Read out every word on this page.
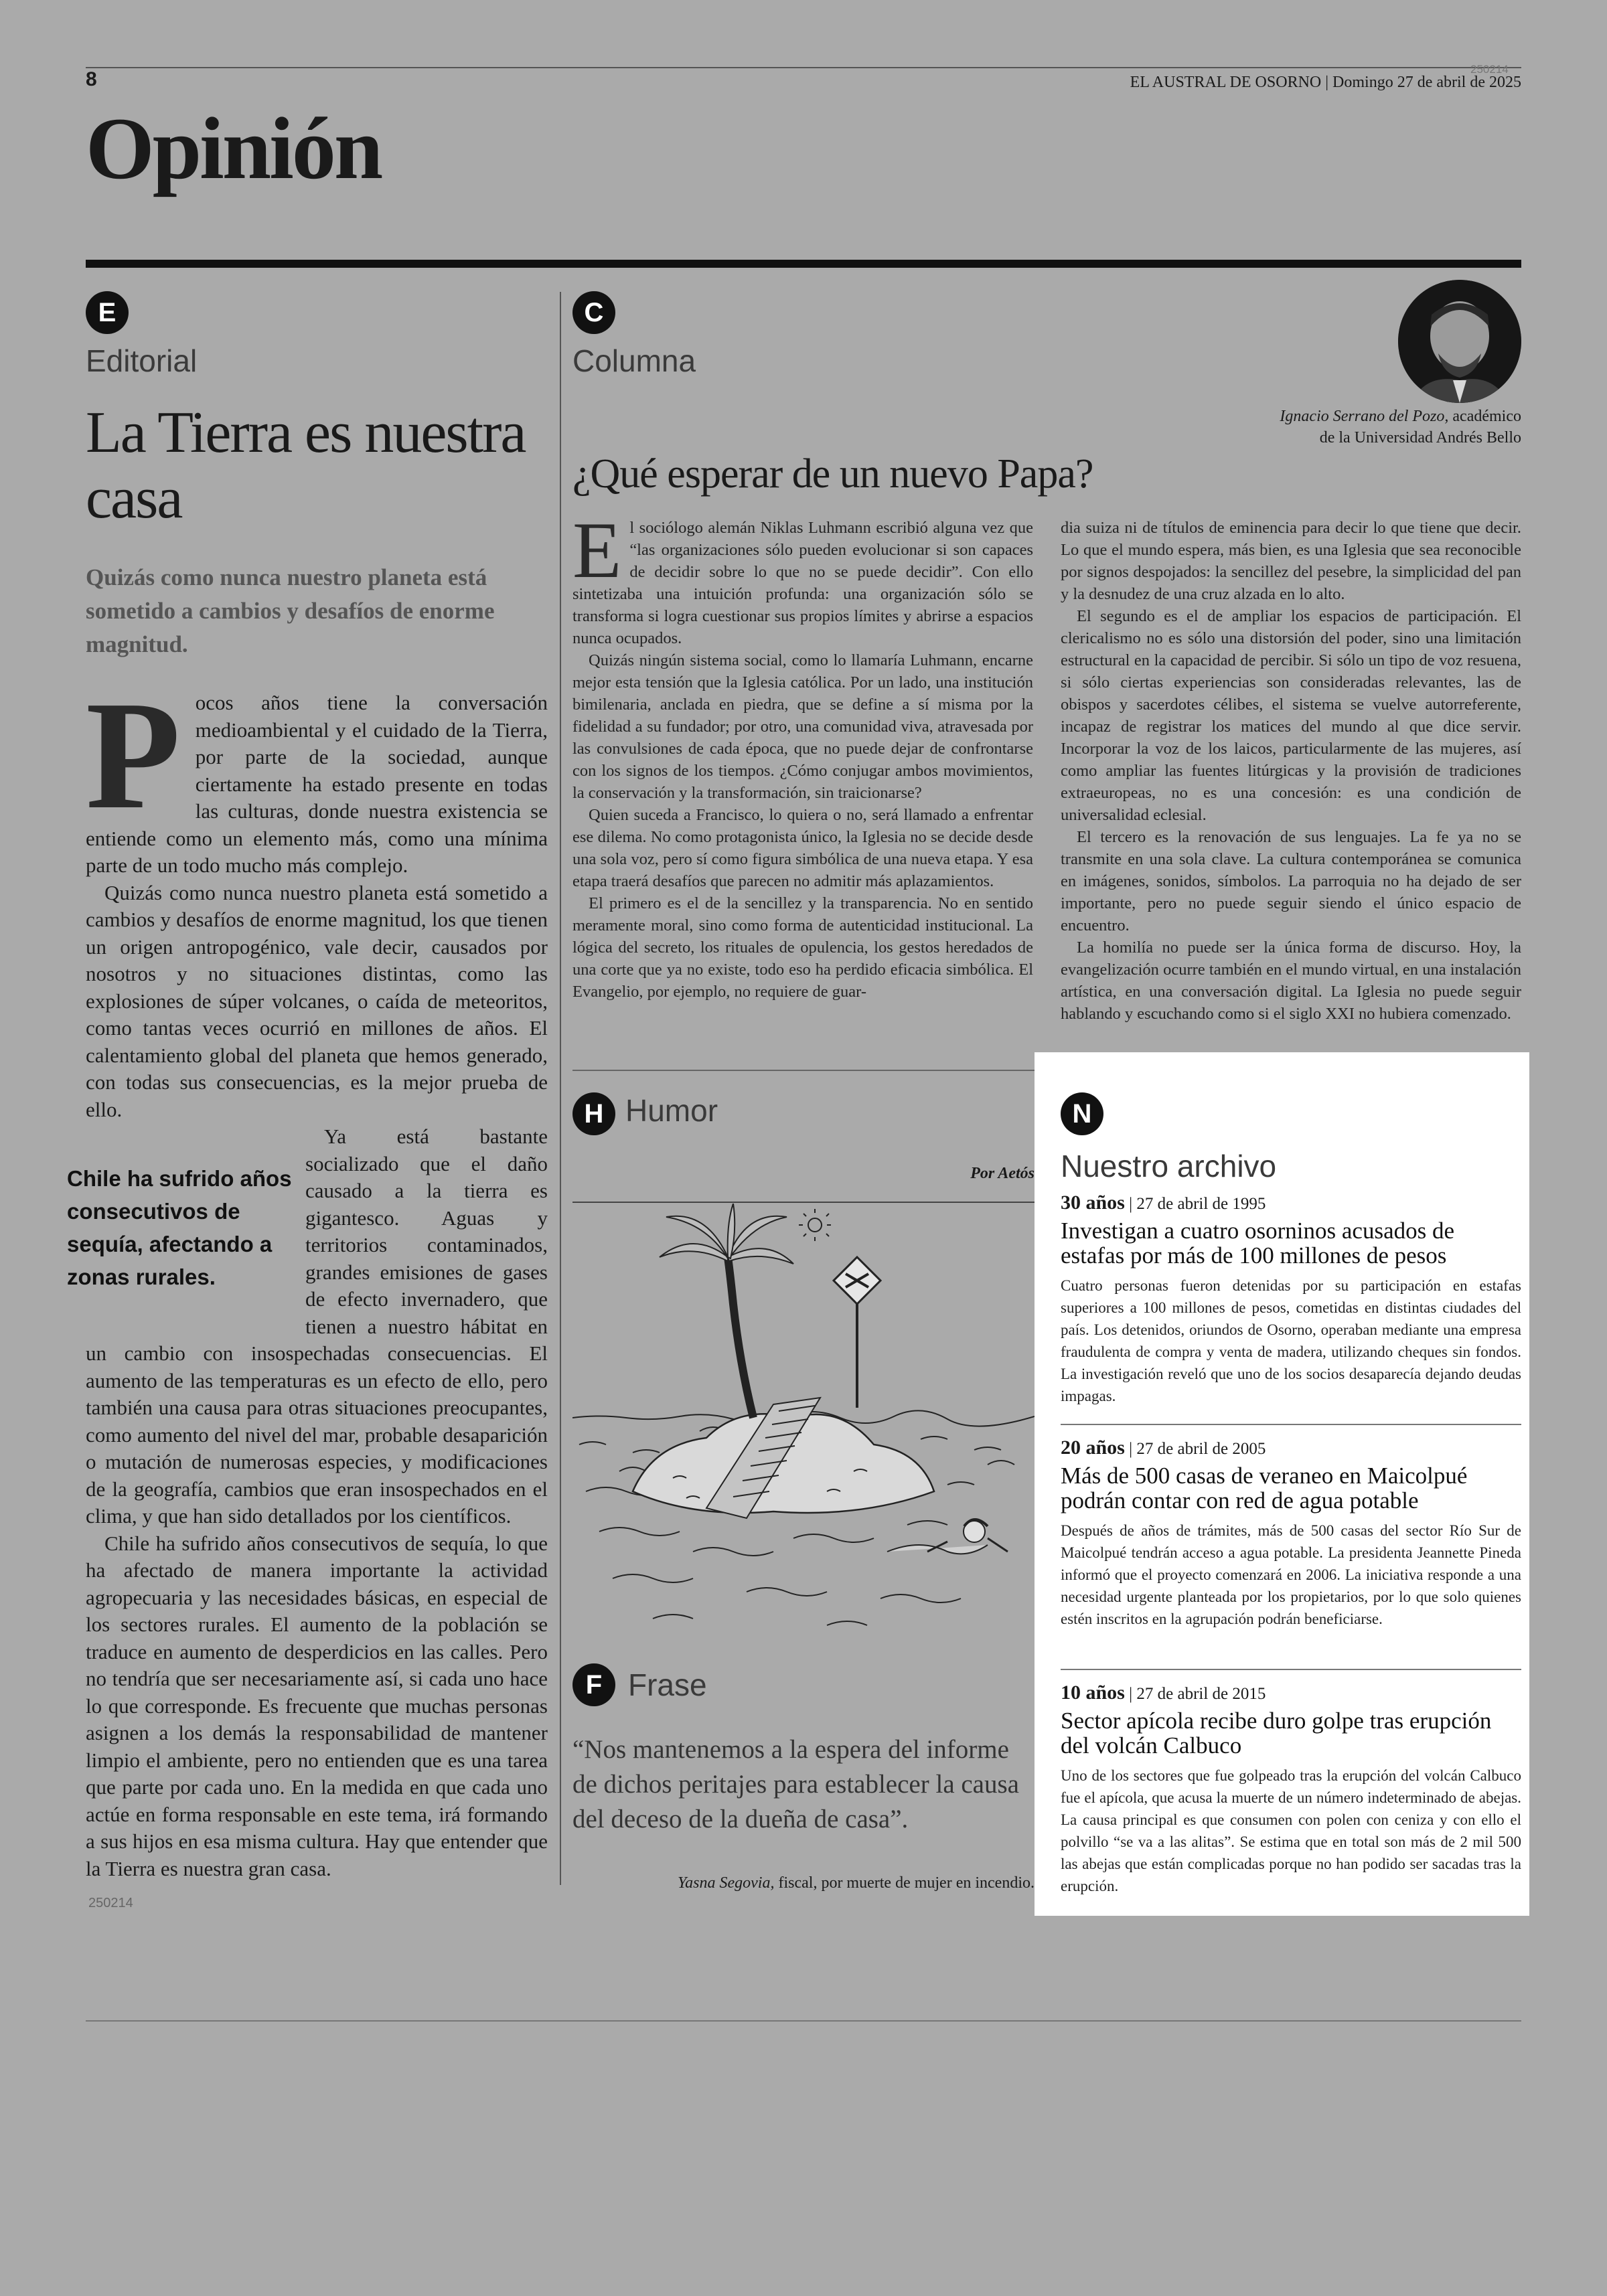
8	250214
EL AUSTRAL DE OSORNO | Domingo 27 de abril de 2025
Opinión
E
Editorial
La Tierra es nuestra casa
Quizás como nunca nuestro planeta está sometido a cambios y desafíos de enorme magnitud.

Pocos años tiene la conversación medioambiental y el cuidado de la Tierra, por parte de la sociedad, aunque ciertamente ha estado presente en todas las culturas, donde nuestra existencia se entiende como un elemento más, como una mínima parte de un todo mucho más complejo.

Quizás como nunca nuestro planeta está sometido a cambios y desafíos de enorme magnitud, los que tienen un origen antropogénico, vale decir, causados por nosotros y no situaciones distintas, como las explosiones de súper volcanes, o caída de meteoritos, como tantas veces ocurrió en millones de años. El calentamiento global del planeta que hemos generado, con todas sus consecuencias, es la mejor prueba de ello.

Chile ha sufrido años consecutivos de sequía, afectando a zonas rurales.
Ya está bastante socializado que el daño causado a la tierra es gigantesco. Aguas y territorios contaminados, grandes emisiones de gases de efecto invernadero, que tienen a nuestro hábitat en un cambio con insospechadas consecuencias. El aumento de las temperaturas es un efecto de ello, pero también una causa para otras situaciones preocupantes, como aumento del nivel del mar, probable desaparición o mutación de numerosas especies, y modificaciones de la geografía, cambios que eran insospechados en el clima, y que han sido detallados por los científicos.

Chile ha sufrido años consecutivos de sequía, lo que ha afectado de manera importante la actividad agropecuaria y las necesidades básicas, en especial de los sectores rurales. El aumento de la población se traduce en aumento de desperdicios en las calles. Pero no tendría que ser necesariamente así, si cada uno hace lo que corresponde. Es frecuente que muchas personas asignen a los demás la responsabilidad de mantener limpio el ambiente, pero no entienden que es una tarea que parte por cada uno. En la medida en que cada uno actúe en forma responsable en este tema, irá formando a sus hijos en esa misma cultura. Hay que entender que la Tierra es nuestra gran casa.

250214
C
Columna
Ignacio Serrano del Pozo, académico
de la Universidad Andrés Bello
¿Qué esperar de un nuevo Papa?

El sociólogo alemán Niklas Luhmann escribió alguna vez que “las organizaciones sólo pueden evolucionar si son capaces de decidir sobre lo que no se puede decidir”. Con ello sintetizaba una intuición profunda: una organización sólo se transforma si logra cuestionar sus propios límites y abrirse a espacios nunca ocupados.

Quizás ningún sistema social, como lo llamaría Luhmann, encarne mejor esta tensión que la Iglesia católica. Por un lado, una institución bimilenaria, anclada en piedra, que se define a sí misma por la fidelidad a su fundador; por otro, una comunidad viva, atravesada por las convulsiones de cada época, que no puede dejar de confrontarse con los signos de los tiempos. ¿Cómo conjugar ambos movimientos, la conservación y la transformación, sin traicionarse?

Quien suceda a Francisco, lo quiera o no, será llamado a enfrentar ese dilema. No como protagonista único, la Iglesia no se decide desde una sola voz, pero sí como figura simbólica de una nueva etapa. Y esa etapa traerá desafíos que parecen no admitir más aplazamientos.

El primero es el de la sencillez y la transparencia. No en sentido meramente moral, sino como forma de autenticidad institucional. La lógica del secreto, los rituales de opulencia, los gestos heredados de una corte que ya no existe, todo eso ha perdido eficacia simbólica. El Evangelio, por ejemplo, no requiere de guar-

dia suiza ni de títulos de eminencia para decir lo que tiene que decir. Lo que el mundo espera, más bien, es una Iglesia que sea reconocible por signos despojados: la sencillez del pesebre, la simplicidad del pan y la desnudez de una cruz alzada en lo alto.

El segundo es el de ampliar los espacios de participación. El clericalismo no es sólo una distorsión del poder, sino una limitación estructural en la capacidad de percibir. Si sólo un tipo de voz resuena, si sólo ciertas experiencias son consideradas relevantes, las de obispos y sacerdotes célibes, el sistema se vuelve autorreferente, incapaz de registrar los matices del mundo al que dice servir. Incorporar la voz de los laicos, particularmente de las mujeres, así como ampliar las fuentes litúrgicas y la provisión de tradiciones extraeuropeas, no es una concesión: es una condición de universalidad eclesial.

El tercero es la renovación de sus lenguajes. La fe ya no se transmite en una sola clave. La cultura contemporánea se comunica en imágenes, sonidos, símbolos. La parroquia no ha dejado de ser importante, pero no puede seguir siendo el único espacio de encuentro.

La homilía no puede ser la única forma de discurso. Hoy, la evangelización ocurre también en el mundo virtual, en una instalación artística, en una conversación digital. La Iglesia no puede seguir hablando y escuchando como si el siglo XXI no hubiera comenzado.

H Humor
Por Aetós
F Frase
“Nos mantenemos a la espera del informe de dichos peritajes para establecer la causa del deceso de la dueña de casa”.
Yasna Segovia, fiscal, por muerte de mujer en incendio.
N
Nuestro archivo
30 años | 27 de abril de 1995
Investigan a cuatro osorninos acusados de estafas por más de 100 millones de pesos
Cuatro personas fueron detenidas por su participación en estafas superiores a 100 millones de pesos, cometidas en distintas ciudades del país. Los detenidos, oriundos de Osorno, operaban mediante una empresa fraudulenta de compra y venta de madera, utilizando cheques sin fondos. La investigación reveló que uno de los socios desaparecía dejando deudas impagas.
20 años | 27 de abril de 2005
Más de 500 casas de veraneo en Maicolpué podrán contar con red de agua potable
Después de años de trámites, más de 500 casas del sector Río Sur de Maicolpué tendrán acceso a agua potable. La presidenta Jeannette Pineda informó que el proyecto comenzará en 2006. La iniciativa responde a una necesidad urgente planteada por los propietarios, por lo que solo quienes estén inscritos en la agrupación podrán beneficiarse.
10 años | 27 de abril de 2015
Sector apícola recibe duro golpe tras erupción del volcán Calbuco
Uno de los sectores que fue golpeado tras la erupción del volcán Calbuco fue el apícola, que acusa la muerte de un número indeterminado de abejas. La causa principal es que consumen con polen con ceniza y con ello el polvillo “se va a las alitas”. Se estima que en total son más de 2 mil 500 las abejas que están complicadas porque no han podido ser sacadas tras la erupción.
